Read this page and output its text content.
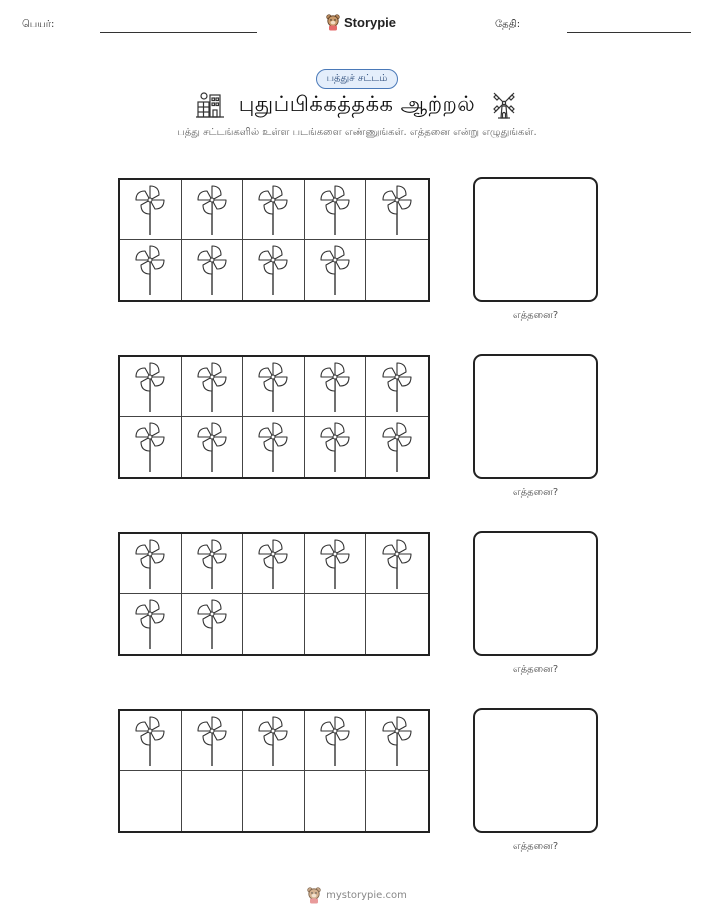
பெயர்:	Storypie	தேதி:
பத்துச் சட்டம்
புதுப்பிக்கத்தக்க ஆற்றல்
பத்து சட்டங்களில் உள்ள படங்களை எண்ணுங்கள். எத்தனை என்று எழுதுங்கள்.
எத்தனை?
எத்தனை?
எத்தனை?
எத்தனை?
mystorypie.com
